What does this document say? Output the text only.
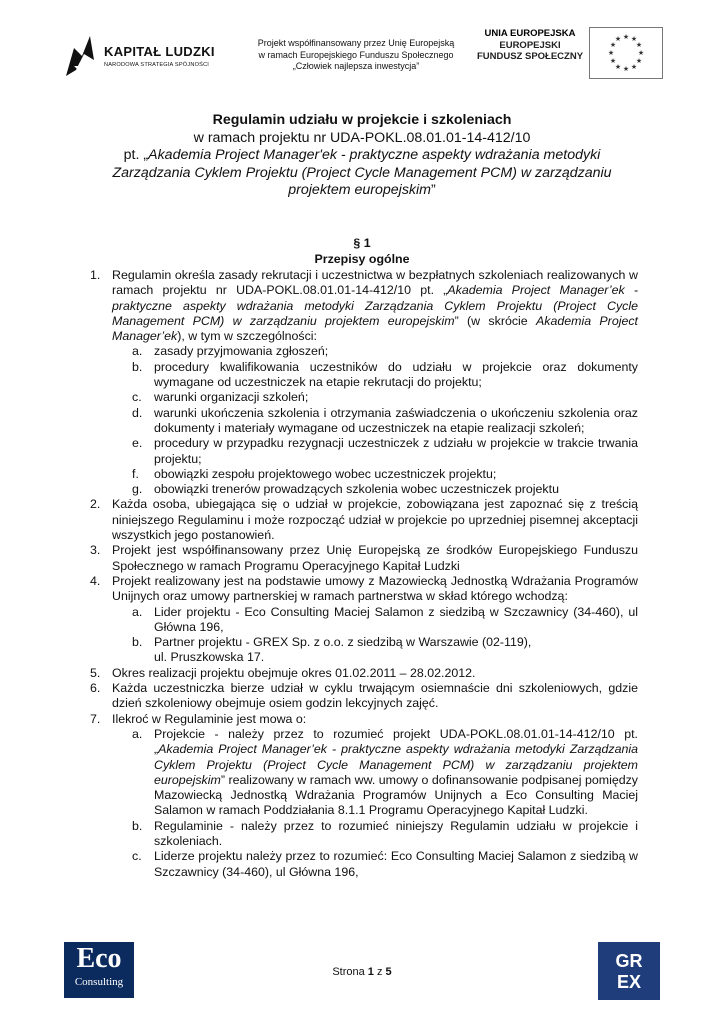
KAPITAŁ LUDZKI
NARODOWA STRATEGIA SPÓJNOŚCI
Projekt współfinansowany przez Unię Europejską
w ramach Europejskiego Funduszu Społecznego
„Człowiek najlepsza inwestycja”
UNIA EUROPEJSKA
EUROPEJSKI
FUNDUSZ SPOŁECZNY
★ ★
★
★
★
★
★
★
★
★
★
★
Regulamin udziału w projekcie i szkoleniach
w ramach projektu nr UDA-POKL.08.01.01-14-412/10
pt. „Akademia Project Manager'ek - praktyczne aspekty wdrażania metodyki
Zarządzania Cyklem Projektu (Project Cycle Management PCM) w zarządzaniu
projektem europejskim”
§ 1
Przepisy ogólne
1. Regulamin określa zasady rekrutacji i uczestnictwa w bezpłatnych szkoleniach realizowanych w ramach projektu nr UDA-POKL.08.01.01-14-412/10 pt. „Akademia Project Manager’ek - praktyczne aspekty wdrażania metodyki Zarządzania Cyklem Projektu (Project Cycle Management PCM) w zarządzaniu projektem europejskim” (w skrócie Akademia Project Manager’ek), w tym w szczególności:
a. zasady przyjmowania zgłoszeń;
b. procedury kwalifikowania uczestników do udziału w projekcie oraz dokumenty wymagane od uczestniczek na etapie rekrutacji do projektu;
c. warunki organizacji szkoleń;
d. warunki ukończenia szkolenia i otrzymania zaświadczenia o ukończeniu szkolenia oraz dokumenty i materiały wymagane od uczestniczek na etapie realizacji szkoleń;
e. procedury w przypadku rezygnacji uczestniczek z udziału w projekcie w trakcie trwania projektu;
f. obowiązki zespołu projektowego wobec uczestniczek projektu;
g. obowiązki trenerów prowadzących szkolenia wobec uczestniczek projektu
2. Każda osoba, ubiegająca się o udział w projekcie, zobowiązana jest zapoznać się z treścią niniejszego Regulaminu i może rozpocząć udział w projekcie po uprzedniej pisemnej akceptacji wszystkich jego postanowień.
3. Projekt jest współfinansowany przez Unię Europejską ze środków Europejskiego Funduszu Społecznego w ramach Programu Operacyjnego Kapitał Ludzki
4. Projekt realizowany jest na podstawie umowy z Mazowiecką Jednostką Wdrażania Programów Unijnych oraz umowy partnerskiej w ramach partnerstwa w skład którego wchodzą:
a. Lider projektu - Eco Consulting Maciej Salamon z siedzibą w Szczawnicy (34-460), ul Główna 196,
b. Partner projektu - GREX Sp. z o.o. z siedzibą w Warszawie (02-119),
ul. Pruszkowska 17.
5. Okres realizacji projektu obejmuje okres 01.02.2011 – 28.02.2012.
6. Każda uczestniczka bierze udział w cyklu trwającym osiemnaście dni szkoleniowych, gdzie dzień szkoleniowy obejmuje osiem godzin lekcyjnych zajęć.
7. Ilekroć w Regulaminie jest mowa o:
a. Projekcie - należy przez to rozumieć projekt UDA-POKL.08.01.01-14-412/10 pt. „Akademia Project Manager’ek - praktyczne aspekty wdrażania metodyki Zarządzania Cyklem Projektu (Project Cycle Management PCM) w zarządzaniu projektem europejskim” realizowany w ramach ww. umowy o dofinansowanie podpisanej pomiędzy Mazowiecką Jednostką Wdrażania Programów Unijnych a Eco Consulting Maciej Salamon w ramach Poddziałania 8.1.1 Programu Operacyjnego Kapitał Ludzki.
b. Regulaminie - należy przez to rozumieć niniejszy Regulamin udziału w projekcie i szkoleniach.
c. Liderze projektu należy przez to rozumieć: Eco Consulting Maciej Salamon z siedzibą w Szczawnicy (34-460), ul Główna 196,
Eco
Consulting
Strona 1 z 5
GR
EX
